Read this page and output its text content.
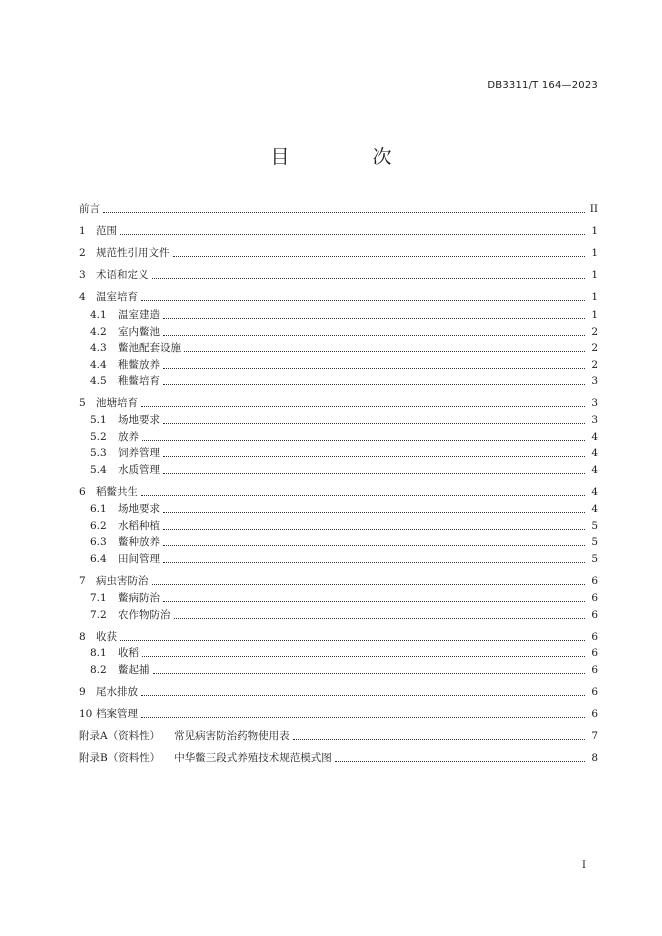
DB3311/T 164—2023
目　次
前言	II
1 范围	1
2 规范性引用文件	1
3 术语和定义	1
4 温室培育	1
4.1	温室建造	1
4.2	室内鳖池	2
4.3	鳖池配套设施	2
4.4	稚鳖放养	2
4.5	稚鳖培育	3
5 池塘培育	3
5.1	场地要求	3
5.2	放养	4
5.3	饲养管理	4
5.4	水质管理	4
6 稻鳖共生	4
6.1	场地要求	4
6.2	水稻种植	5
6.3	鳖种放养	5
6.4	田间管理	5
7 病虫害防治	6
7.1	鳖病防治	6
7.2	农作物防治	6
8 收获	6
8.1	收稻	6
8.2	鳖起捕	6
9 尾水排放	6
10 档案管理	6
附录A（资料性） 常见病害防治药物使用表	7
附录B（资料性） 中华鳖三段式养殖技术规范模式图	8
I
